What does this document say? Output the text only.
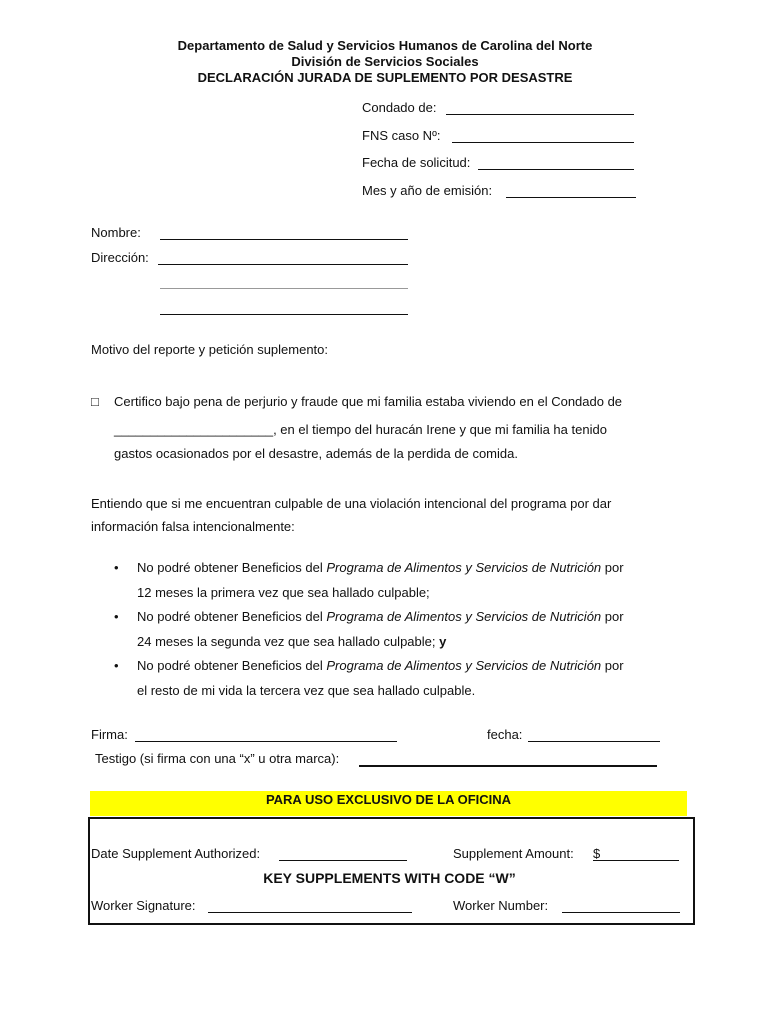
Departamento de Salud y Servicios Humanos de Carolina del Norte
División de Servicios Sociales
DECLARACIÓN JURADA DE SUPLEMENTO POR DESASTRE
Condado de:
FNS caso Nº:
Fecha de solicitud:
Mes y año de emisión:
Nombre:
Dirección:
Motivo del reporte y petición suplemento:
□ Certifico bajo pena de perjurio y fraude que mi familia estaba viviendo en el Condado de
______________________, en el tiempo del huracán Irene y que mi familia ha tenido
gastos ocasionados por el desastre, además de la perdida de comida.
Entiendo que si me encuentran culpable de una violación intencional del programa por dar
información falsa intencionalmente:
• No podré obtener Beneficios del Programa de Alimentos y Servicios de Nutrición por
12 meses la primera vez que sea hallado culpable;
• No podré obtener Beneficios del Programa de Alimentos y Servicios de Nutrición por
24 meses la segunda vez que sea hallado culpable; y
• No podré obtener Beneficios del Programa de Alimentos y Servicios de Nutrición por
el resto de mi vida la tercera vez que sea hallado culpable.
Firma:	fecha:
Testigo (si firma con una “x” u otra marca):
PARA USO EXCLUSIVO DE LA OFICINA
Date Supplement Authorized:	Supplement Amount: $
KEY SUPPLEMENTS WITH CODE “W”
Worker Signature:	Worker Number:
